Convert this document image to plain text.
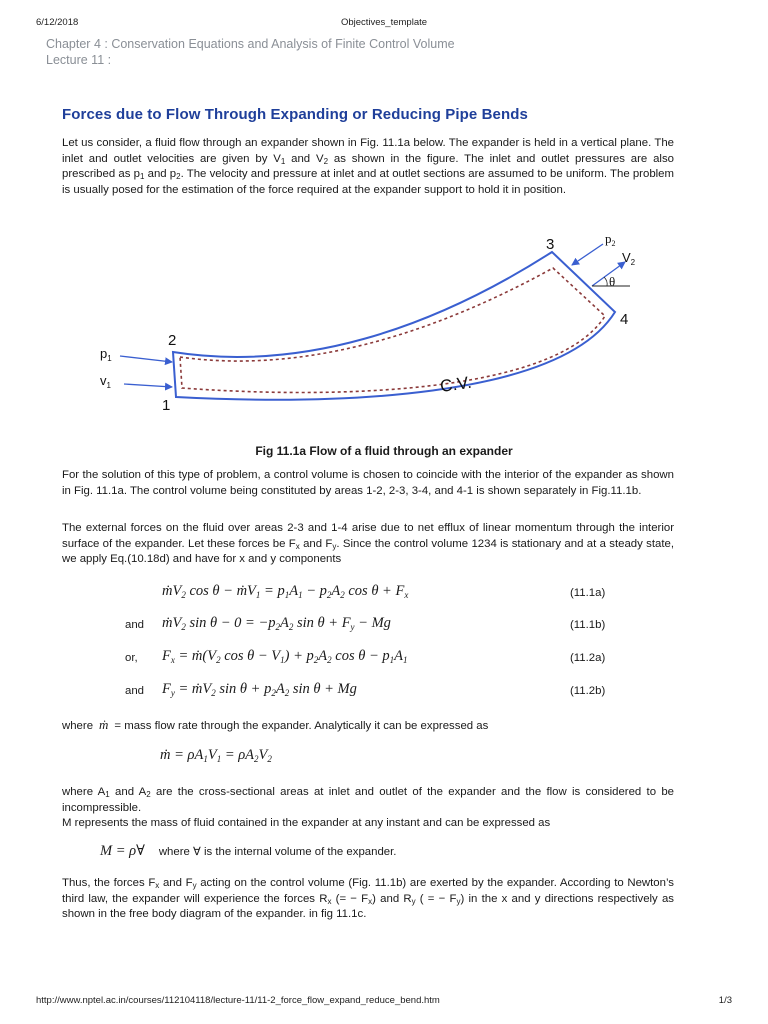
6/12/2018	Objectives_template
Chapter 4 : Conservation Equations and Analysis of Finite Control Volume
Lecture 11 :
Forces due to Flow Through Expanding or Reducing Pipe Bends
Let us consider, a fluid flow through an expander shown in Fig. 11.1a below. The expander is held in a vertical plane. The inlet and outlet velocities are given by $V_1$ and $V_2$ as shown in the figure. The inlet and outlet pressures are also prescribed as $p_1$ and $p_2$. The velocity and pressure at inlet and at outlet sections are assumed to be uniform. The problem is usually posed for the estimation of the force required at the expander support to hold it in position.
1
2
3
4
$p_1$
$v_1$
$p_2$
$V_2$
θ
C.V.
Fig 11.1a Flow of a fluid through an expander
For the solution of this type of problem, a control volume is chosen to coincide with the interior of the expander as shown in Fig. 11.1a. The control volume being constituted by areas 1-2, 2-3, 3-4, and 4-1 is shown separately in Fig.11.1b.
The external forces on the fluid over areas 2-3 and 1-4 arise due to net efflux of linear momentum through the interior surface of the expander. Let these forces be $F_x$ and $F_y$. Since the control volume 1234 is stationary and at a steady state, we apply Eq.(10.18d) and have for x and y components
ṁV$_2$ cos θ − ṁV$_1$ = $p_1A_1 - p_2A_2$ $\cos \theta + F_x$	(11.1a)
and ṁV$_2$ $\sin \theta - 0 = -p_2A_2$ $\sin \theta + F_y - Mg$	(11.1b)
or, $F_x$ = $ṁ(V_2$ $\cos \theta - V_1) + p_2A_2$ $\cos \theta - p_1A_1$	(11.2a)
and $F_y$ = ṁV$_2$ $\sin \theta + p_2A_2$ sin θ + Mg	(11.2b)
where ṁ = mass flow rate through the expander. Analytically it can be expressed as
ṁ = $\rho A_1V_1 = \rho A_2V_2$
where $A_1$ and $A_2$ are the cross-sectional areas at inlet and outlet of the expander and the flow is considered to be incompressible.
M represents the mass of fluid contained in the expander at any instant and can be expressed as
M = ρ∀ where ∀ is the internal volume of the expander.
Thus, the forces $F_x$ and $F_y$ acting on the control volume (Fig. 11.1b) are exerted by the expander. According to Newton’s third law, the expander will experience the forces $R_x$ (= − $F_x$) and $R_y$ ( = − $F_y$) in the x and y directions respectively as shown in the free body diagram of the expander. in fig 11.1c.
http://www.nptel.ac.in/courses/112104118/lecture-11/11-2_force_flow_expand_reduce_bend.htm	1/3
